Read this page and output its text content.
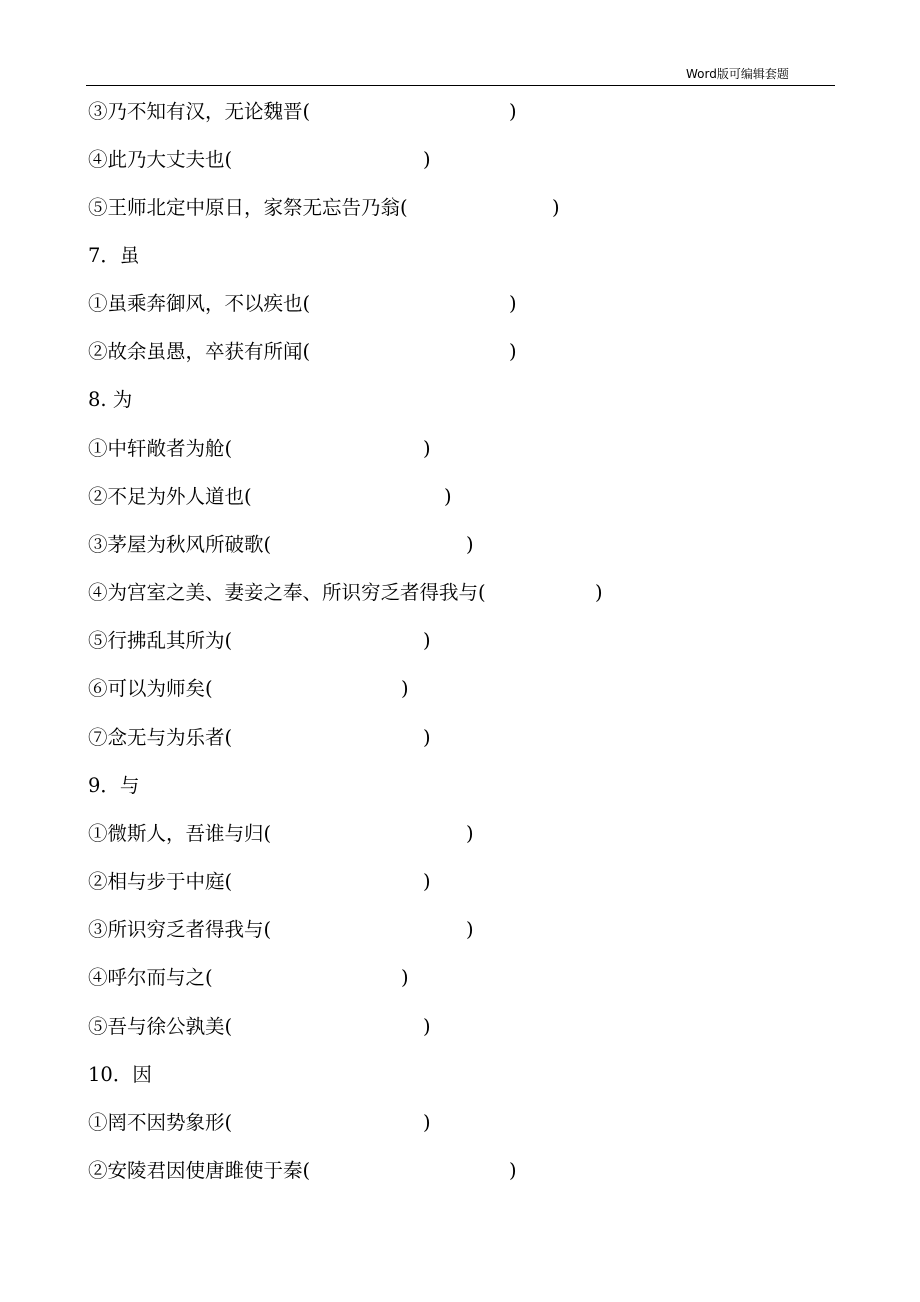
Word版可编辑套题
③乃不知有汉，无论魏晋(	)
④此乃大丈夫也(	)
⑤王师北定中原日，家祭无忘告乃翁(	)
7．虽
①虽乘奔御风，不以疾也(	)
②故余虽愚，卒获有所闻(	)
8. 为
①中轩敞者为舱(	)
②不足为外人道也(	)
③茅屋为秋风所破歌(	)
④为宫室之美、妻妾之奉、所识穷乏者得我与(	)
⑤行拂乱其所为(	)
⑥可以为师矣(	)
⑦念无与为乐者(	)
9．与
①微斯人，吾谁与归(	)
②相与步于中庭(	)
③所识穷乏者得我与(	)
④呼尔而与之(	)
⑤吾与徐公孰美(	)
10．因
①罔不因势象形(	)
②安陵君因使唐雎使于秦(	)
